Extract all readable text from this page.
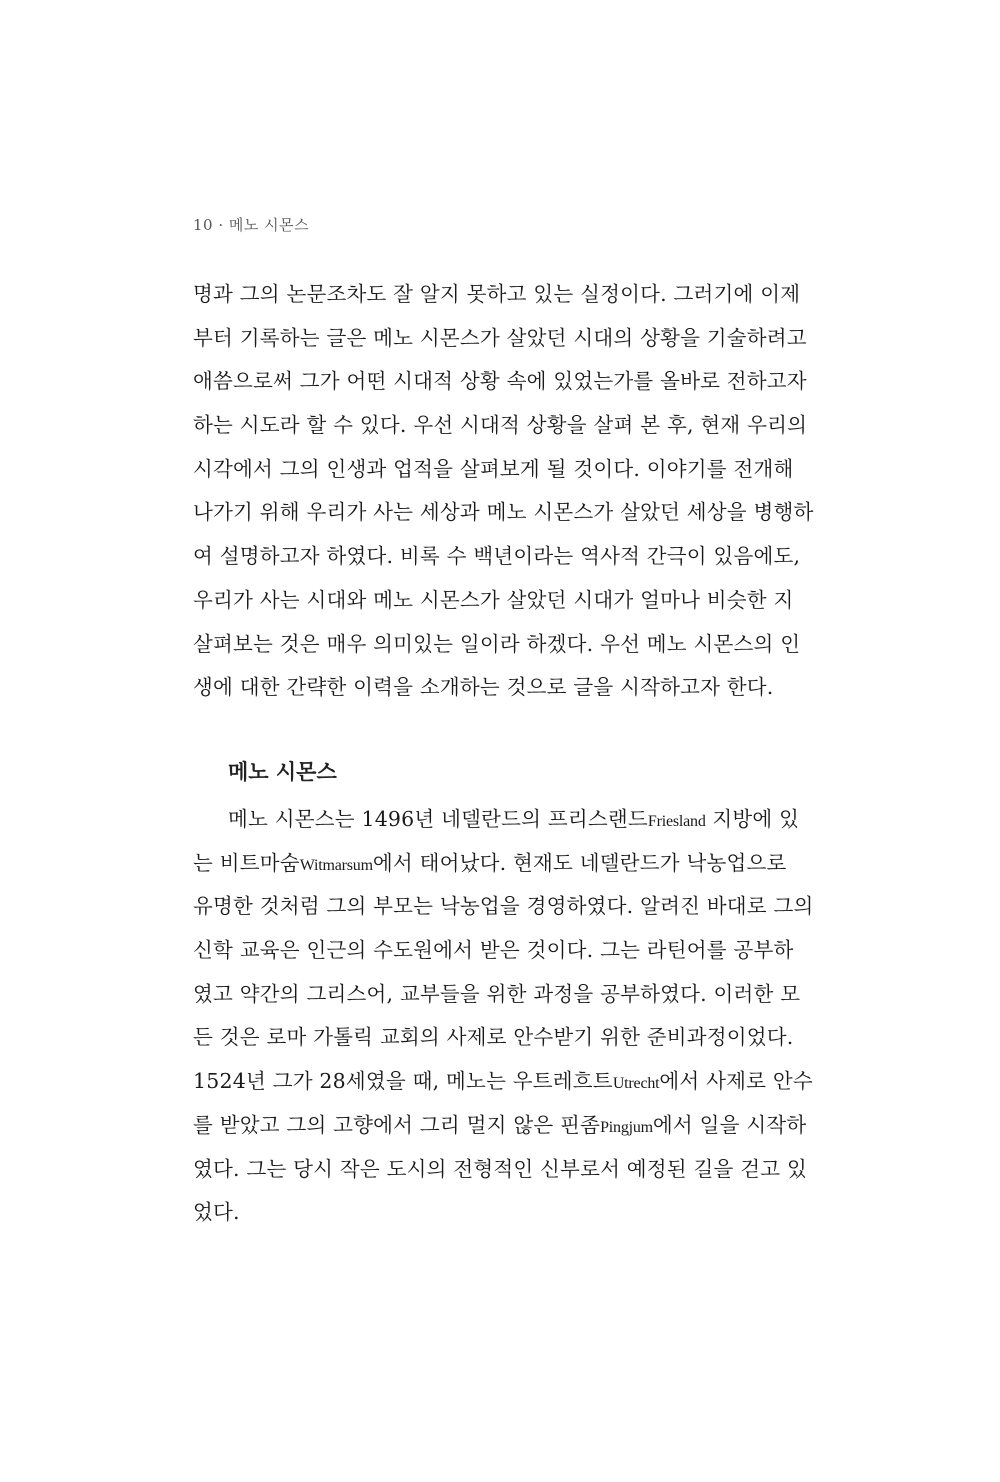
10 · 메노 시몬스
명과 그의 논문조차도 잘 알지 못하고 있는 실정이다. 그러기에 이제
부터 기록하는 글은 메노 시몬스가 살았던 시대의 상황을 기술하려고
애씀으로써 그가 어떤 시대적 상황 속에 있었는가를 올바로 전하고자
하는 시도라 할 수 있다. 우선 시대적 상황을 살펴 본 후, 현재 우리의
시각에서 그의 인생과 업적을 살펴보게 될 것이다. 이야기를 전개해
나가기 위해 우리가 사는 세상과 메노 시몬스가 살았던 세상을 병행하
여 설명하고자 하였다. 비록 수 백년이라는 역사적 간극이 있음에도,
우리가 사는 시대와 메노 시몬스가 살았던 시대가 얼마나 비슷한 지
살펴보는 것은 매우 의미있는 일이라 하겠다. 우선 메노 시몬스의 인
생에 대한 간략한 이력을 소개하는 것으로 글을 시작하고자 한다.
메노 시몬스
메노 시몬스는 1496년 네델란드의 프리스랜드Friesland 지방에 있
는 비트마숨Witmarsum에서 태어났다. 현재도 네델란드가 낙농업으로
유명한 것처럼 그의 부모는 낙농업을 경영하였다. 알려진 바대로 그의
신학 교육은 인근의 수도원에서 받은 것이다. 그는 라틴어를 공부하
였고 약간의 그리스어, 교부들을 위한 과정을 공부하였다. 이러한 모
든 것은 로마 가톨릭 교회의 사제로 안수받기 위한 준비과정이었다.
1524년 그가 28세였을 때, 메노는 우트레흐트Utrecht에서 사제로 안수
를 받았고 그의 고향에서 그리 멀지 않은 핀좀Pingjum에서 일을 시작하
였다. 그는 당시 작은 도시의 전형적인 신부로서 예정된 길을 걷고 있
었다.
